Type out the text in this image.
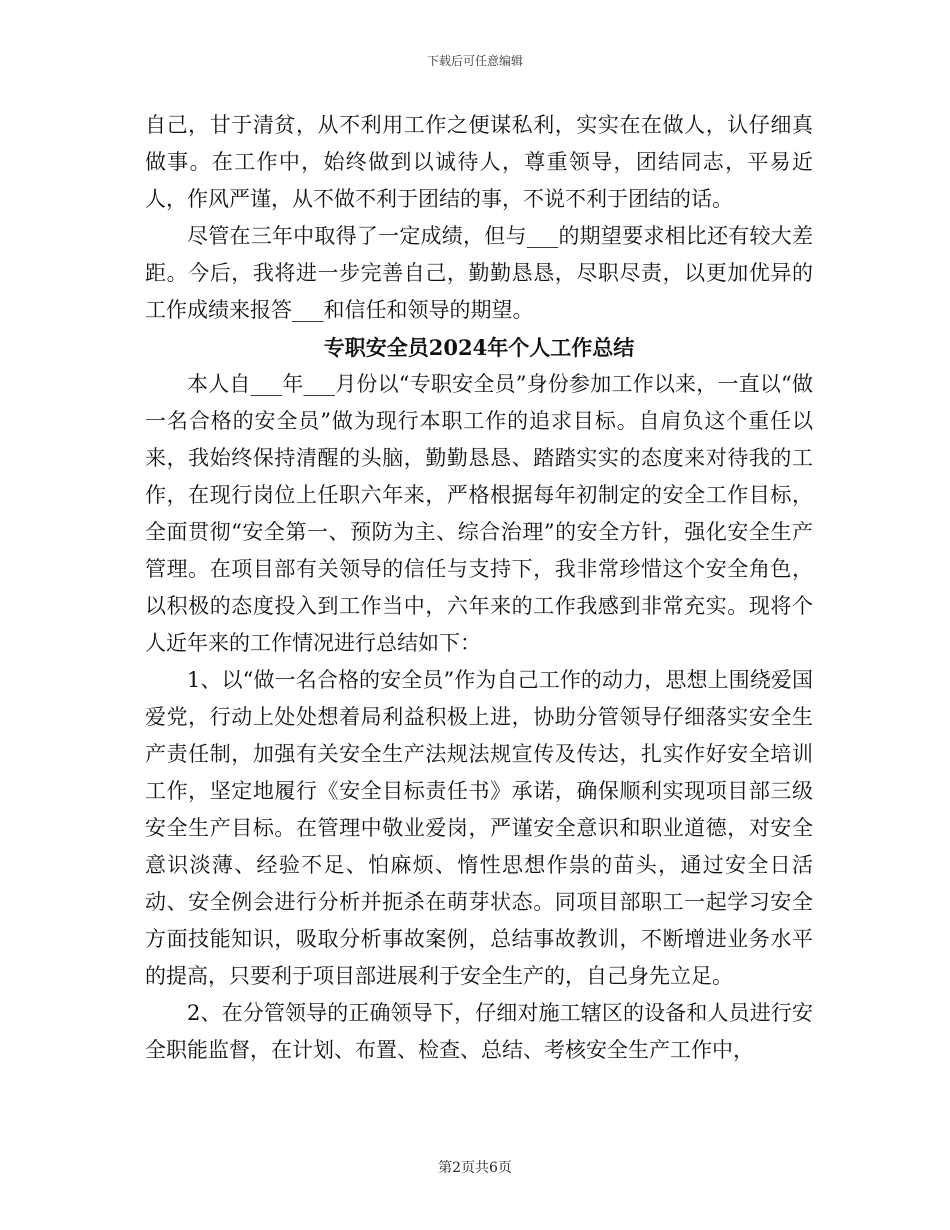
下载后可任意编辑

自己，甘于清贫，从不利用工作之便谋私利，实实在在做人，认仔细真做事。在工作中，始终做到以诚待人，尊重领导，团结同志，平易近人，作风严谨，从不做不利于团结的事，不说不利于团结的话。

尽管在三年中取得了一定成绩，但与___的期望要求相比还有较大差距。今后，我将进一步完善自己，勤勤恳恳，尽职尽责，以更加优异的工作成绩来报答___和信任和领导的期望。

专职安全员2024年个人工作总结

本人自___年___月份以“专职安全员”身份参加工作以来，一直以“做一名合格的安全员”做为现行本职工作的追求目标。自肩负这个重任以来，我始终保持清醒的头脑，勤勤恳恳、踏踏实实的态度来对待我的工作，在现行岗位上任职六年来，严格根据每年初制定的安全工作目标，全面贯彻“安全第一、预防为主、综合治理”的安全方针，强化安全生产管理。在项目部有关领导的信任与支持下，我非常珍惜这个安全角色，以积极的态度投入到工作当中，六年来的工作我感到非常充实。现将个人近年来的工作情况进行总结如下：

1、以“做一名合格的安全员”作为自己工作的动力，思想上围绕爱国爱党，行动上处处想着局利益积极上进，协助分管领导仔细落实安全生产责任制，加强有关安全生产法规法规宣传及传达，扎实作好安全培训工作，坚定地履行《安全目标责任书》承诺，确保顺利实现项目部三级安全生产目标。在管理中敬业爱岗，严谨安全意识和职业道德，对安全意识淡薄、经验不足、怕麻烦、惰性思想作祟的苗头，通过安全日活动、安全例会进行分析并扼杀在萌芽状态。同项目部职工一起学习安全方面技能知识，吸取分析事故案例，总结事故教训，不断增进业务水平的提高，只要利于项目部进展利于安全生产的，自己身先立足。

2、在分管领导的正确领导下，仔细对施工辖区的设备和人员进行安全职能监督，在计划、布置、检查、总结、考核安全生产工作中，

第2页共6页
